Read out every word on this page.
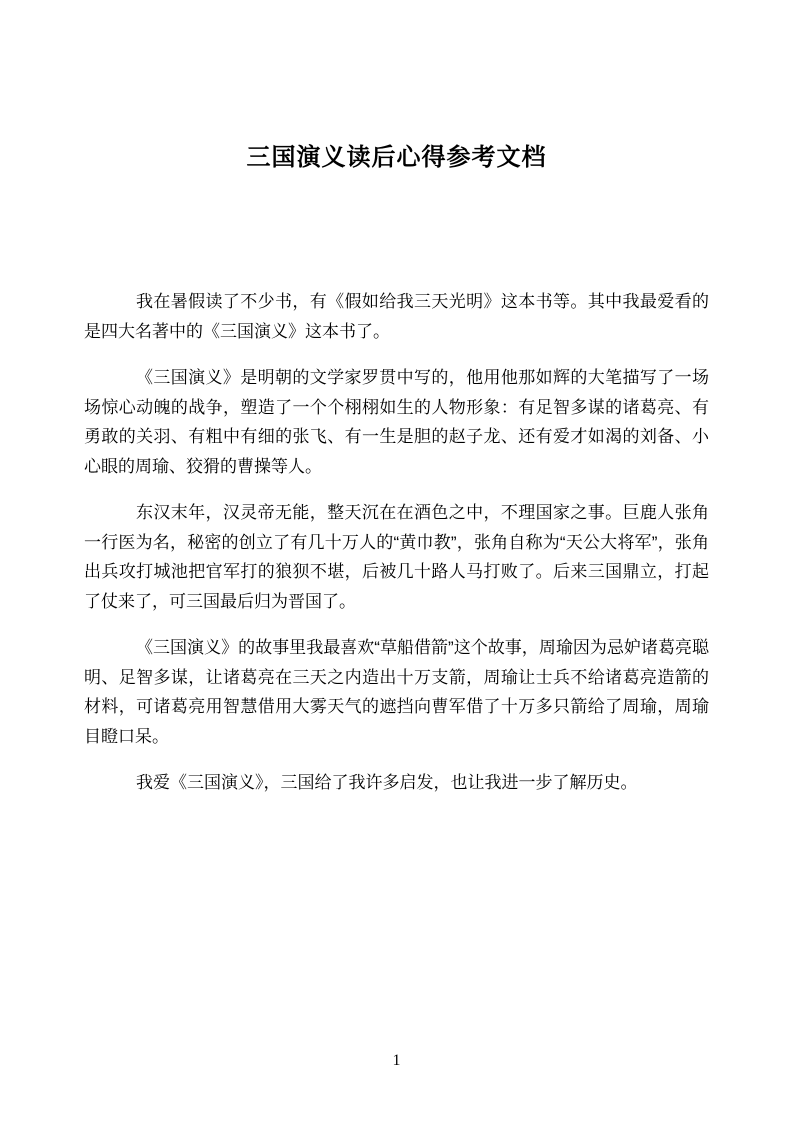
三国演义读后心得参考文档

我在暑假读了不少书，有《假如给我三天光明》这本书等。其中我最爱看的是四大名著中的《三国演义》这本书了。

《三国演义》是明朝的文学家罗贯中写的，他用他那如辉的大笔描写了一场场惊心动魄的战争，塑造了一个个栩栩如生的人物形象：有足智多谋的诸葛亮、有勇敢的关羽、有粗中有细的张飞、有一生是胆的赵子龙、还有爱才如渴的刘备、小心眼的周瑜、狡猾的曹操等人。

东汉末年，汉灵帝无能，整天沉在在酒色之中，不理国家之事。巨鹿人张角一行医为名，秘密的创立了有几十万人的“黄巾教”，张角自称为“天公大将军”，张角出兵攻打城池把官军打的狼狈不堪，后被几十路人马打败了。后来三国鼎立，打起了仗来了，可三国最后归为晋国了。

《三国演义》的故事里我最喜欢“草船借箭”这个故事，周瑜因为忌妒诸葛亮聪明、足智多谋，让诸葛亮在三天之内造出十万支箭，周瑜让士兵不给诸葛亮造箭的材料，可诸葛亮用智慧借用大雾天气的遮挡向曹军借了十万多只箭给了周瑜，周瑜目瞪口呆。

我爱《三国演义》，三国给了我许多启发，也让我进一步了解历史。

1
